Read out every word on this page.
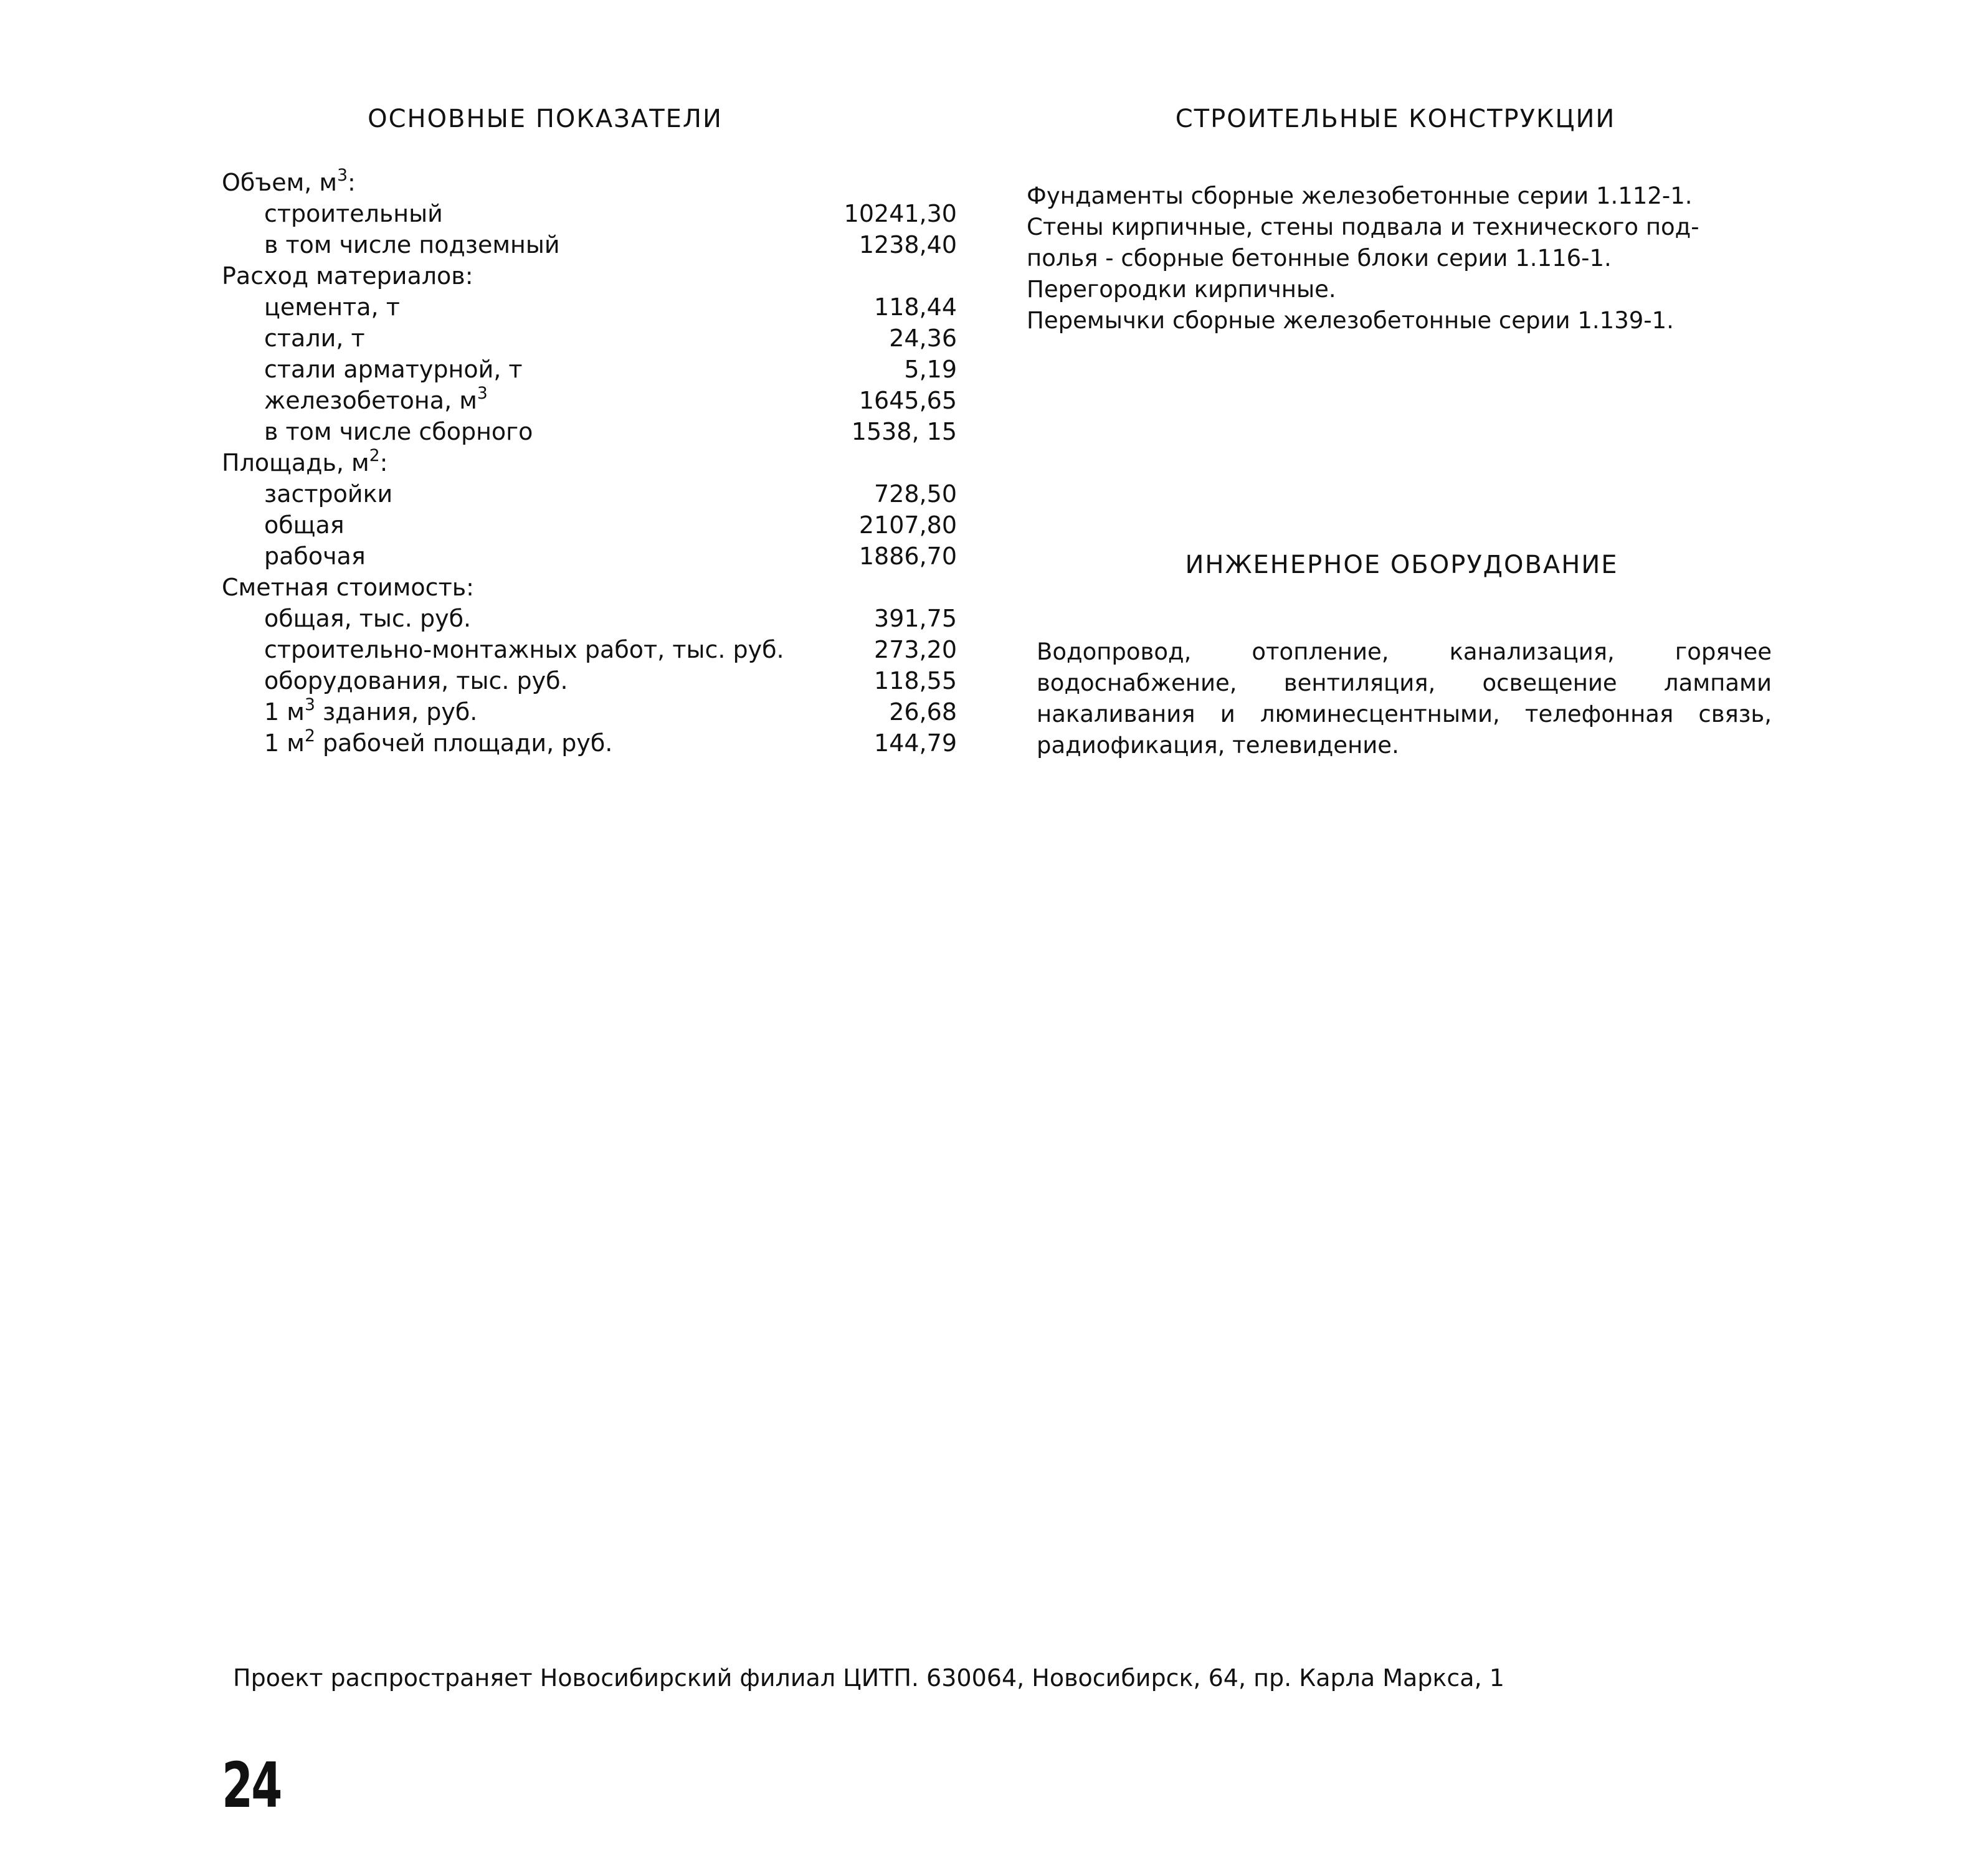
ОСНОВНЫЕ ПОКАЗАТЕЛИ
Объем, $м^3$:
строительный	10241,30
в том числе подземный	1238,40
Расход материалов:
цемента, т	118,44
стали, т	24,36
стали арматурной, т	5,19
железобетона, $м^3$	1645,65
в том числе сборного	1538, 15
Площадь, $м^2$:
застройки	728,50
общая	2107,80
рабочая	1886,70
Сметная стоимость:
общая, тыс. руб.	391,75
строительно-монтажных работ, тыс. руб.	273,20
оборудования, тыс. руб.	118,55
1 $м^3$ здания, руб.	26,68
1 $м^2$ рабочей площади, руб.	144,79
СТРОИТЕЛЬНЫЕ КОНСТРУКЦИИ
Фундаменты сборные железобетонные серии 1.112-1.
Стены кирпичные, стены подвала и технического под-
полья - сборные бетонные блоки серии 1.116-1.
Перегородки кирпичные.
Перемычки сборные железобетонные серии 1.139-1.
ИНЖЕНЕРНОЕ ОБОРУДОВАНИЕ
Водопровод, отопление, канализация, горячее водоснабжение, вентиляция, освещение лампами накаливания и люминесцентными, телефонная связь, радиофикация, телевидение.
Проект распространяет Новосибирский филиал ЦИТП. 630064, Новосибирск, 64, пр. Карла Маркса, 1
24
